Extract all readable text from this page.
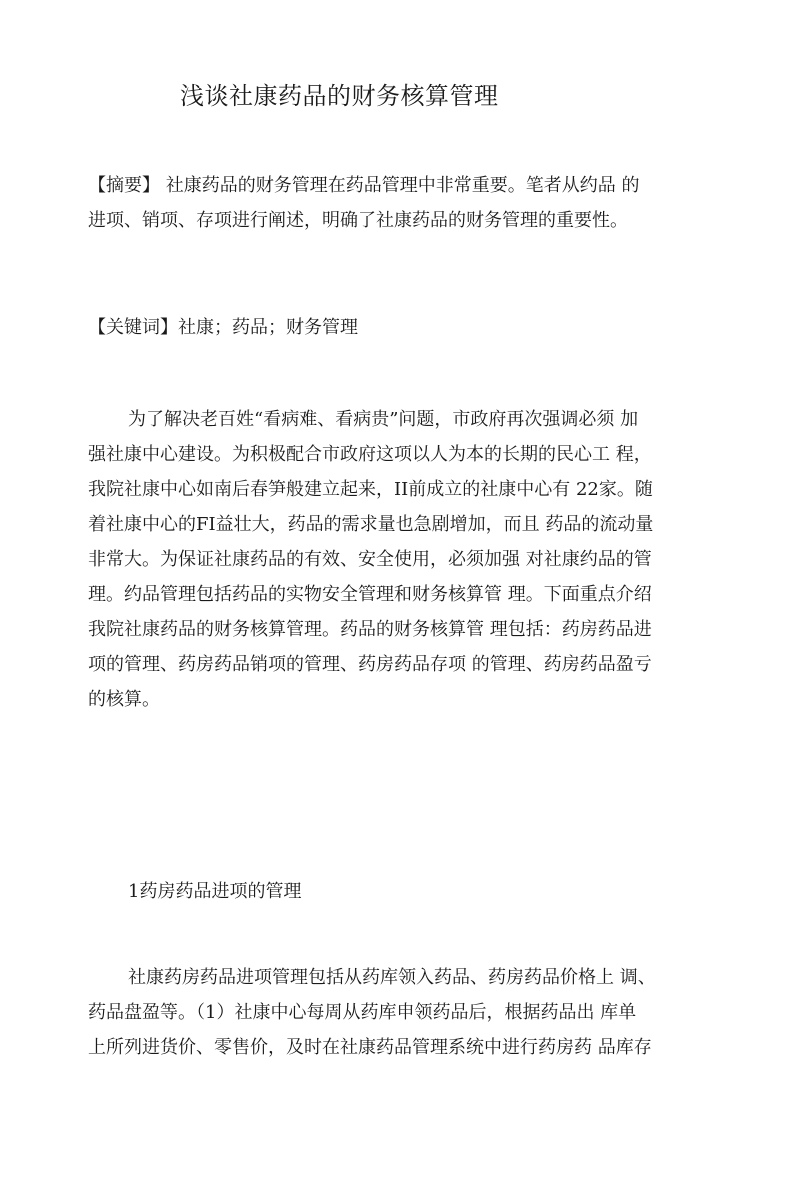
浅谈社康药品的财务核算管理

【摘要】 社康药品的财务管理在药品管理中非常重要。笔者从约品 的
进项、销项、存项进行阐述，明确了社康药品的财务管理的重要性。

【关键词】社康；药品；财务管理

为了解决老百姓“看病难、看病贵”问题，市政府再次强调必须 加
强社康中心建设。为积极配合市政府这项以人为本的长期的民心工 程，
我院社康中心如南后春笋般建立起来，II前成立的社康中心有 22家。随
着社康中心的FI益壮大，药品的需求量也急剧增加，而且 药品的流动量
非常大。为保证社康药品的有效、安全使用，必须加强 对社康约品的管
理。约品管理包括药品的实物安全管理和财务核算管 理。下面重点介绍
我院社康药品的财务核算管理。药品的财务核算管 理包括：药房药品进
项的管理、药房药品销项的管理、药房药品存项 的管理、药房药品盈亏
的核算。

1药房药品进项的管理

社康药房药品进项管理包括从药库领入药品、药房药品价格上 调、
药品盘盈等。（1）社康中心每周从药库申领药品后，根据药品出 库单
上所列进货价、零售价，及时在社康药品管理系统中进行药房药 品库存
